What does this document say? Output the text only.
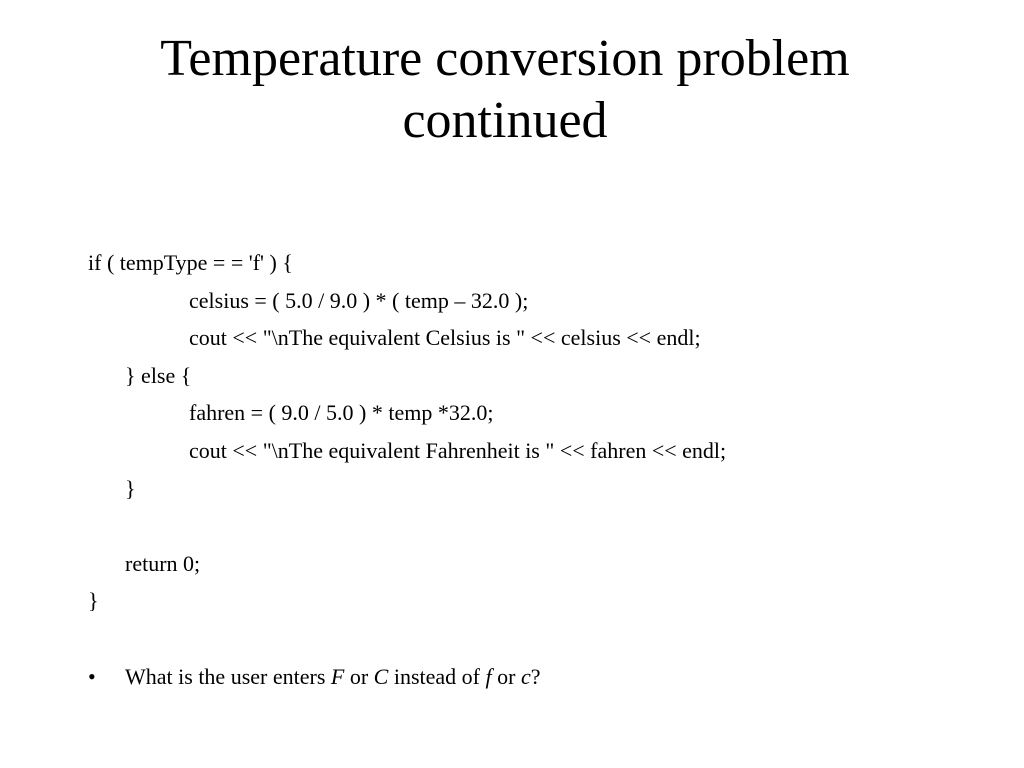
Temperature conversion problem
continued
if ( tempType = = 'f' ) {
celsius = ( 5.0 / 9.0 ) * ( temp – 32.0 );
cout << "\nThe equivalent Celsius is " << celsius << endl;
} else {
fahren = ( 9.0 / 5.0 ) * temp *32.0;
cout << "\nThe equivalent Fahrenheit is " << fahren << endl;
}
return 0;
}
• What is the user enters F or C instead of f or c?
